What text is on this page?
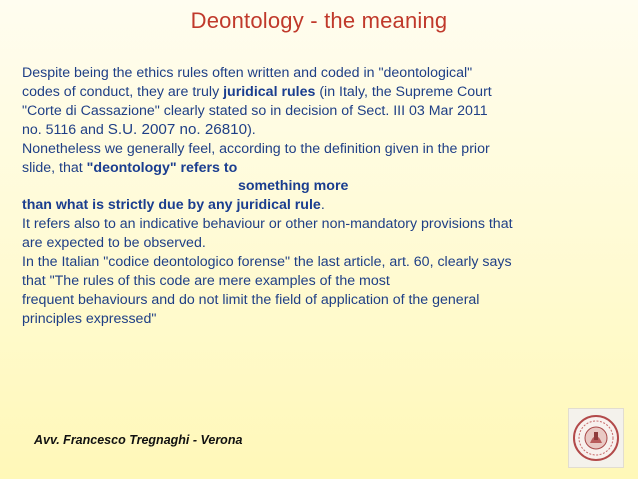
Deontology - the meaning
Despite being the ethics rules often written and coded in "deontological"
codes of conduct, they are truly juridical rules (in Italy, the Supreme Court
"Corte di Cassazione" clearly stated so in decision of Sect. III 03 Mar 2011
no. 5116 and S.U. 2007 no. 26810).
Nonetheless we generally feel, according to the definition given in the prior
slide, that "deontology" refers to
something more
than what is strictly due by any juridical rule.
It refers also to an indicative behaviour or other non-mandatory provisions that
are expected to be observed.
In the Italian "codice deontologico forense" the last article, art. 60, clearly says
that "The rules of this code are mere examples of the most
frequent behaviours and do not limit the field of application of the general
principles expressed"
Avv. Francesco Tregnaghi - Verona
